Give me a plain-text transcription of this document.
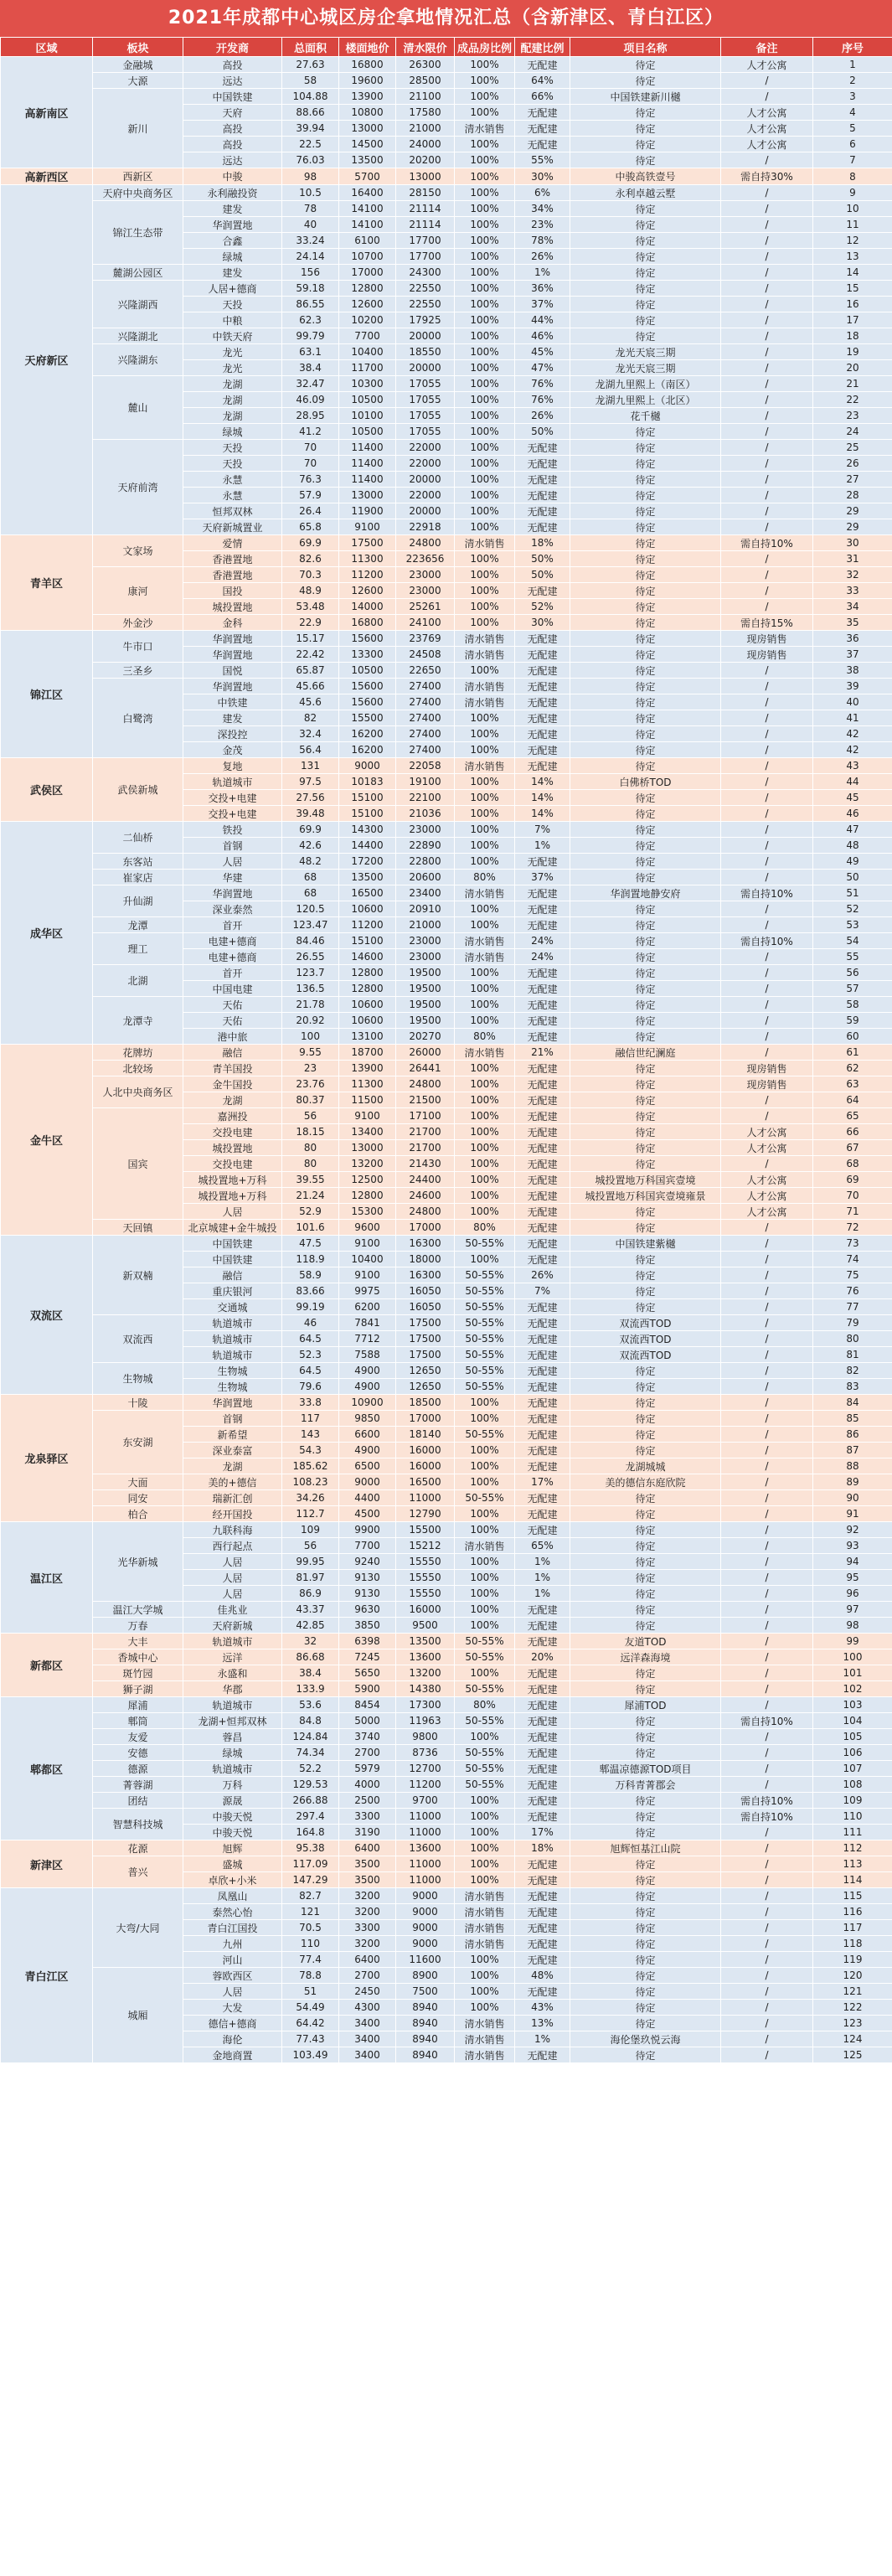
2021年成都中心城区房企拿地情况汇总（含新津区、青白江区）
区域	板块	开发商	总面积	楼面地价	清水限价	成品房比例	配建比例	项目名称	备注	序号
高新南区	金融城	高投	27.63	16800	26300	100%	无配建	待定	人才公寓	1
	大源	远达	58	19600	28500	100%	64%	待定	/	2
	新川	中国铁建	104.88	13900	21100	100%	66%	中国铁建新川樾	/	3
		天府	88.66	10800	17580	100%	无配建	待定	人才公寓	4
		高投	39.94	13000	21000	清水销售	无配建	待定	人才公寓	5
		高投	22.5	14500	24000	100%	无配建	待定	人才公寓	6
		远达	76.03	13500	20200	100%	55%	待定	/	7
高新西区	西新区	中骏	98	5700	13000	100%	30%	中骏高铁壹号	需自持30%	8
天府新区	天府中央商务区	永利融投资	10.5	16400	28150	100%	6%	永利卓越云墅	/	9
	锦江生态带	建发	78	14100	21114	100%	34%	待定	/	10
		华润置地	40	14100	21114	100%	23%	待定	/	11
		合鑫	33.24	6100	17700	100%	78%	待定	/	12
		绿城	24.14	10700	17700	100%	26%	待定	/	13
	麓湖公园区	建发	156	17000	24300	100%	1%	待定	/	14
	兴隆湖西	人居+德商	59.18	12800	22550	100%	36%	待定	/	15
		天投	86.55	12600	22550	100%	37%	待定	/	16
		中粮	62.3	10200	17925	100%	44%	待定	/	17
	兴隆湖北	中铁天府	99.79	7700	20000	100%	46%	待定	/	18
	兴隆湖东	龙光	63.1	10400	18550	100%	45%	龙光天宸三期	/	19
		龙光	38.4	11700	20000	100%	47%	龙光天宸三期	/	20
	麓山	龙湖	32.47	10300	17055	100%	76%	龙湖九里熙上（南区）	/	21
		龙湖	46.09	10500	17055	100%	76%	龙湖九里熙上（北区）	/	22
		龙湖	28.95	10100	17055	100%	26%	花千樾	/	23
		绿城	41.2	10500	17055	100%	50%	待定	/	24
	天府前湾	天投	70	11400	22000	100%	无配建	待定	/	25
		天投	70	11400	22000	100%	无配建	待定	/	26
		永慧	76.3	11400	20000	100%	无配建	待定	/	27
		永慧	57.9	13000	22000	100%	无配建	待定	/	28
		恒邦双林	26.4	11900	20000	100%	无配建	待定	/	29
		天府新城置业	65.8	9100	22918	100%	无配建	待定	/	29
青羊区	文家场	爱情	69.9	17500	24800	清水销售	18%	待定	需自持10%	30
		香港置地	82.6	11300	223656	100%	50%	待定	/	31
	康河	香港置地	70.3	11200	23000	100%	50%	待定	/	32
		国投	48.9	12600	23000	100%	无配建	待定	/	33
		城投置地	53.48	14000	25261	100%	52%	待定	/	34
	外金沙	金科	22.9	16800	24100	100%	30%	待定	需自持15%	35
锦江区	牛市口	华润置地	15.17	15600	23769	清水销售	无配建	待定	现房销售	36
		华润置地	22.42	13300	24508	清水销售	无配建	待定	现房销售	37
	三圣乡	国悦	65.87	10500	22650	100%	无配建	待定	/	38
	白鹭湾	华润置地	45.66	15600	27400	清水销售	无配建	待定	/	39
		中铁建	45.6	15600	27400	清水销售	无配建	待定	/	40
		建发	82	15500	27400	100%	无配建	待定	/	41
		深投控	32.4	16200	27400	100%	无配建	待定	/	42
		金茂	56.4	16200	27400	100%	无配建	待定	/	42
武侯区	武侯新城	复地	131	9000	22058	清水销售	无配建	待定	/	43
		轨道城市	97.5	10183	19100	100%	14%	白佛桥TOD	/	44
		交投+电建	27.56	15100	22100	100%	14%	待定	/	45
		交投+电建	39.48	15100	21036	100%	14%	待定	/	46
成华区	二仙桥	铁投	69.9	14300	23000	100%	7%	待定	/	47
		首钢	42.6	14400	22890	100%	1%	待定	/	48
	东客站	人居	48.2	17200	22800	100%	无配建	待定	/	49
	崔家店	华建	68	13500	20600	80%	37%	待定	/	50
	升仙湖	华润置地	68	16500	23400	清水销售	无配建	华润置地静安府	需自持10%	51
		深业泰然	120.5	10600	20910	100%	无配建	待定	/	52
	龙潭	首开	123.47	11200	21000	100%	无配建	待定	/	53
	理工	电建+德商	84.46	15100	23000	清水销售	24%	待定	需自持10%	54
		电建+德商	26.55	14600	23000	清水销售	24%	待定	/	55
	北湖	首开	123.7	12800	19500	100%	无配建	待定	/	56
		中国电建	136.5	12800	19500	100%	无配建	待定	/	57
	龙潭寺	天佑	21.78	10600	19500	100%	无配建	待定	/	58
		天佑	20.92	10600	19500	100%	无配建	待定	/	59
		港中旅	100	13100	20270	80%	无配建	待定	/	60
金牛区	花牌坊	融信	9.55	18700	26000	清水销售	21%	融信世纪澜庭	/	61
	北较场	青羊国投	23	13900	26441	100%	无配建	待定	现房销售	62
	人北中央商务区	金牛国投	23.76	11300	24800	100%	无配建	待定	现房销售	63
		龙湖	80.37	11500	21500	100%	无配建	待定	/	64
	国宾	嘉洲投	56	9100	17100	100%	无配建	待定	/	65
		交投电建	18.15	13400	21700	100%	无配建	待定	人才公寓	66
		城投置地	80	13000	21700	100%	无配建	待定	人才公寓	67
		交投电建	80	13200	21430	100%	无配建	待定	/	68
		城投置地+万科	39.55	12500	24400	100%	无配建	城投置地万科国宾壹境	人才公寓	69
		城投置地+万科	21.24	12800	24600	100%	无配建	城投置地万科国宾壹境雍景	人才公寓	70
		人居	52.9	15300	24800	100%	无配建	待定	人才公寓	71
	天回镇	北京城建+金牛城投	101.6	9600	17000	80%	无配建	待定	/	72
双流区	新双楠	中国铁建	47.5	9100	16300	50-55%	无配建	中国铁建紫樾	/	73
		中国铁建	118.9	10400	18000	100%	无配建	待定	/	74
		融信	58.9	9100	16300	50-55%	26%	待定	/	75
		重庆银河	83.66	9975	16050	50-55%	7%	待定	/	76
		交通城	99.19	6200	16050	50-55%	无配建	待定	/	77
	双流西	轨道城市	46	7841	17500	50-55%	无配建	双流西TOD	/	79
		轨道城市	64.5	7712	17500	50-55%	无配建	双流西TOD	/	80
		轨道城市	52.3	7588	17500	50-55%	无配建	双流西TOD	/	81
	生物城	生物城	64.5	4900	12650	50-55%	无配建	待定	/	82
		生物城	79.6	4900	12650	50-55%	无配建	待定	/	83
龙泉驿区	十陵	华润置地	33.8	10900	18500	100%	无配建	待定	/	84
	东安湖	首钢	117	9850	17000	100%	无配建	待定	/	85
		新希望	143	6600	18140	50-55%	无配建	待定	/	86
		深业泰富	54.3	4900	16000	100%	无配建	待定	/	87
		龙湖	185.62	6500	16000	100%	无配建	龙湖城城	/	88
	大面	美的+德信	108.23	9000	16500	100%	17%	美的德信东庭欣院	/	89
	同安	瑞新汇创	34.26	4400	11000	50-55%	无配建	待定	/	90
	柏合	经开国投	112.7	4500	12790	100%	无配建	待定	/	91
温江区	光华新城	九联科海	109	9900	15500	100%	无配建	待定	/	92
		西行起点	56	7700	15212	清水销售	65%	待定	/	93
		人居	99.95	9240	15550	100%	1%	待定	/	94
		人居	81.97	9130	15550	100%	1%	待定	/	95
		人居	86.9	9130	15550	100%	1%	待定	/	96
	温江大学城	佳兆业	43.37	9630	16000	100%	无配建	待定	/	97
	万春	天府新城	42.85	3850	9500	100%	无配建	待定	/	98
新都区	大丰	轨道城市	32	6398	13500	50-55%	无配建	友道TOD	/	99
	香城中心	远洋	86.68	7245	13600	50-55%	20%	远洋森海境	/	100
	斑竹园	永盛和	38.4	5650	13200	100%	无配建	待定	/	101
	狮子湖	华郡	133.9	5900	14380	50-55%	无配建	待定	/	102
郫都区	犀浦	轨道城市	53.6	8454	17300	80%	无配建	犀浦TOD	/	103
	郫筒	龙湖+恒邦双林	84.8	5000	11963	50-55%	无配建	待定	需自持10%	104
	友爱	蓉昌	124.84	3740	9800	100%	无配建	待定	/	105
	安德	绿城	74.34	2700	8736	50-55%	无配建	待定	/	106
	德源	轨道城市	52.2	5979	12700	50-55%	无配建	郫温凉德源TOD项目	/	107
	菁蓉湖	万科	129.53	4000	11200	50-55%	无配建	万科青菁郡会	/	108
	团结	源晟	266.88	2500	9700	100%	无配建	待定	需自持10%	109
	智慧科技城	中骏天悦	297.4	3300	11000	100%	无配建	待定	需自持10%	110
		中骏天悦	164.8	3190	11000	100%	17%	待定	/	111
新津区	花源	旭辉	95.38	6400	13600	100%	18%	旭辉恒基江山院	/	112
	普兴	盛城	117.09	3500	11000	100%	无配建	待定	/	113
		卓欣+小米	147.29	3500	11000	100%	无配建	待定	/	114
青白江区	大弯/大同	凤凰山	82.7	3200	9000	清水销售	无配建	待定	/	115
		泰然心怡	121	3200	9000	清水销售	无配建	待定	/	116
		青白江国投	70.5	3300	9000	清水销售	无配建	待定	/	117
		九州	110	3200	9000	清水销售	无配建	待定	/	118
		河山	77.4	6400	11600	100%	无配建	待定	/	119
	城厢	蓉欧西区	78.8	2700	8900	100%	48%	待定	/	120
		人居	51	2450	7500	100%	无配建	待定	/	121
		大发	54.49	4300	8940	100%	43%	待定	/	122
		德信+德商	64.42	3400	8940	清水销售	13%	待定	/	123
		海伦	77.43	3400	8940	清水销售	1%	海伦堡玖悦云海	/	124
		金地商置	103.49	3400	8940	清水销售	无配建	待定	/	125
